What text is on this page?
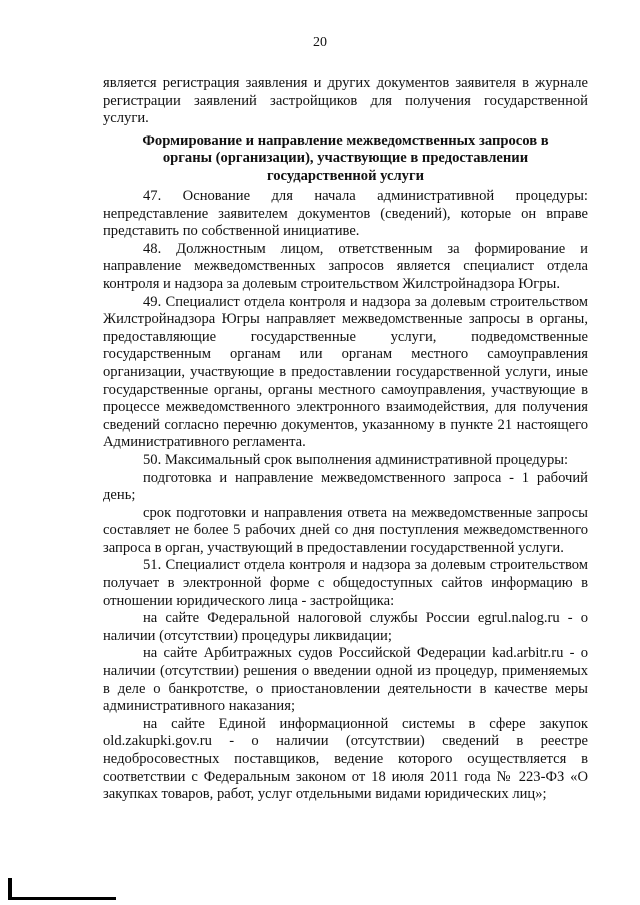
20

является регистрация заявления и других документов заявителя в журнале регистрации заявлений застройщиков для получения государственной услуги.

Формирование и направление межведомственных запросов в органы (организации), участвующие в предоставлении государственной услуги

47. Основание для начала административной процедуры: непредставление заявителем документов (сведений), которые он вправе представить по собственной инициативе.

48. Должностным лицом, ответственным за формирование и направление межведомственных запросов является специалист отдела контроля и надзора за долевым строительством Жилстройнадзора Югры.

49. Специалист отдела контроля и надзора за долевым строительством Жилстройнадзора Югры направляет межведомственные запросы в органы, предоставляющие государственные услуги, подведомственные государственным органам или органам местного самоуправления организации, участвующие в предоставлении государственной услуги, иные государственные органы, органы местного самоуправления, участвующие в процессе межведомственного электронного взаимодействия, для получения сведений согласно перечню документов, указанному в пункте 21 настоящего Административного регламента.

50. Максимальный срок выполнения административной процедуры:

подготовка и направление межведомственного запроса - 1 рабочий день;

срок подготовки и направления ответа на межведомственные запросы составляет не более 5 рабочих дней со дня поступления межведомственного запроса в орган, участвующий в предоставлении государственной услуги.

51. Специалист отдела контроля и надзора за долевым строительством получает в электронной форме с общедоступных сайтов информацию в отношении юридического лица - застройщика:

на сайте Федеральной налоговой службы России egrul.nalog.ru - о наличии (отсутствии) процедуры ликвидации;

на сайте Арбитражных судов Российской Федерации kad.arbitr.ru - о наличии (отсутствии) решения о введении одной из процедур, применяемых в деле о банкротстве, о приостановлении деятельности в качестве меры административного наказания;

на сайте Единой информационной системы в сфере закупок old.zakupki.gov.ru - о наличии (отсутствии) сведений в реестре недобросовестных поставщиков, ведение которого осуществляется в соответствии с Федеральным законом от 18 июля 2011 года № 223-ФЗ «О закупках товаров, работ, услуг отдельными видами юридических лиц»;
